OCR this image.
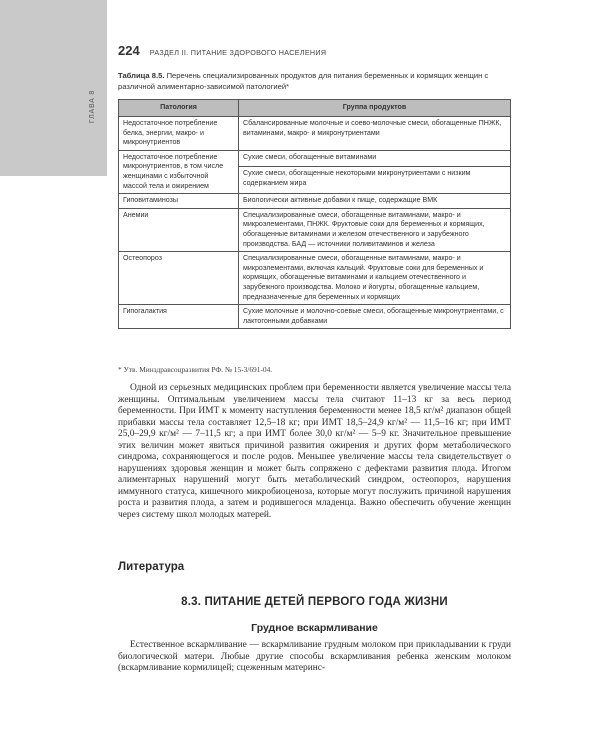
ГЛАВА 8
224 РАЗДЕЛ II. ПИТАНИЕ ЗДОРОВОГО НАСЕЛЕНИЯ
Таблица 8.5. Перечень специализированных продуктов для питания беременных и кормящих женщин с различной алиментарно-зависимой патологией*
Патология	Группа продуктов
Недостаточное потребление белка, энергии, макро- и микронутриентов	Сбалансированные молочные и соево-молочные смеси, обогащенные ПНЖК, витаминами, макро- и микронутриентами
Недостаточное потребление микронутриентов, в том числе женщинами с избыточной массой тела и ожирением	Сухие смеси, обогащенные витаминами
	Сухие смеси, обогащенные некоторыми микронутриентами с низким содержанием жира
Гиповитаминозы	Биологически активные добавки к пище, содержащие ВМК
Анемии	Специализированные смеси, обогащенные витаминами, макро- и микроэлементами, ПНЖК. Фруктовые соки для беременных и кормящих, обогащенные витаминами и железом отечественного и зарубежного производства. БАД — источники поливитаминов и железа
Остеопороз	Специализированные смеси, обогащенные витаминами, макро- и микроэлементами, включая кальций. Фруктовые соки для беременных и кормящих, обогащенные витаминами и кальцием отечественного и зарубежного производства. Молоко и йогурты, обогащенные кальцием, предназначенные для беременных и кормящих
Гипогалактия	Сухие молочные и молочно-соевые смеси, обогащенные микронутриентами, с лактогонными добавками
* Утв. Минздравсоцразвития РФ. № 15-3/691-04.

Одной из серьезных медицинских проблем при беременности является увеличение массы тела женщины. Оптимальным увеличением массы тела считают 11–13 кг за весь период беременности. При ИМТ к моменту наступления беременности менее 18,5 кг/м² диапазон общей прибавки массы тела составляет 12,5–18 кг; при ИМТ 18,5–24,9 кг/м² — 11,5–16 кг; при ИМТ 25,0–29,9 кг/м² — 7–11,5 кг; а при ИМТ более 30,0 кг/м² — 5–9 кг. Значительное превышение этих величин может явиться причиной развития ожирения и других форм метаболического синдрома, сохраняющегося и после родов. Меньшее увеличение массы тела свидетельствует о нарушениях здоровья женщин и может быть сопряжено с дефектами развития плода. Итогом алиментарных нарушений могут быть метаболический синдром, остеопороз, нарушения иммунного статуса, кишечного микробиоценоза, которые могут послужить причиной нарушения роста и развития плода, а затем и родившегося младенца. Важно обеспечить обучение женщин через систему школ молодых матерей.

Литература
8.3. ПИТАНИЕ ДЕТЕЙ ПЕРВОГО ГОДА ЖИЗНИ
Грудное вскармливание

Естественное вскармливание — вскармливание грудным молоком при прикладывании к груди биологической матери. Любые другие способы вскармливания ребенка женским молоком (вскармливание кормилицей; сцеженным материнс-
